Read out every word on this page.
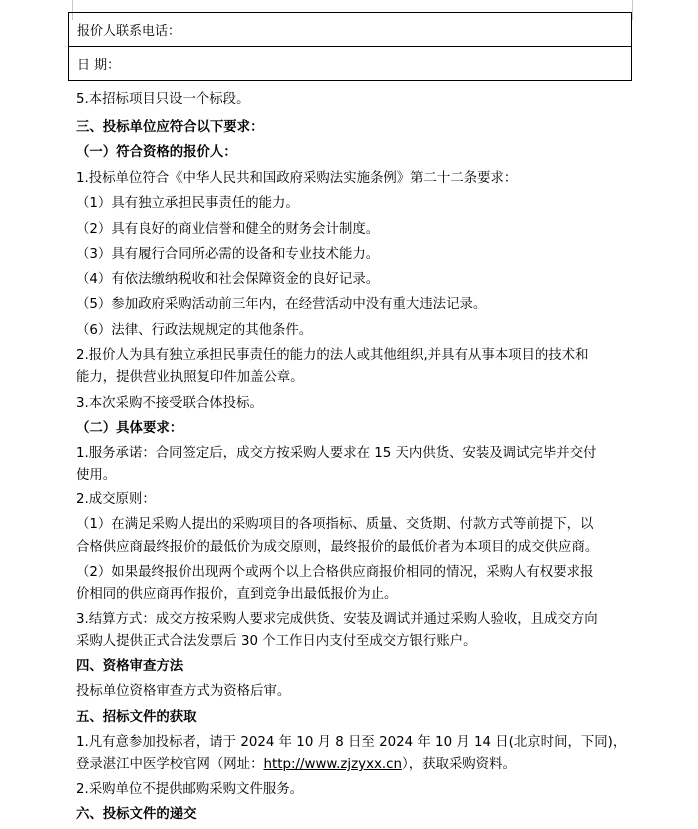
报价人联系电话：
日 期：
5.本招标项目只设一个标段。
三、投标单位应符合以下要求：
（一）符合资格的报价人：
1.投标单位符合《中华人民共和国政府采购法实施条例》第二十二条要求：
（1）具有独立承担民事责任的能力。
（2）具有良好的商业信誉和健全的财务会计制度。
（3）具有履行合同所必需的设备和专业技术能力。
（4）有依法缴纳税收和社会保障资金的良好记录。
（5）参加政府采购活动前三年内，在经营活动中没有重大违法记录。
（6）法律、行政法规规定的其他条件。
2.报价人为具有独立承担民事责任的能力的法人或其他组织,并具有从事本项目的技术和
能力，提供营业执照复印件加盖公章。
3.本次采购不接受联合体投标。
（二）具体要求：
1.服务承诺：合同签定后，成交方按采购人要求在 15 天内供货、安装及调试完毕并交付
使用。
2.成交原则：
（1）在满足采购人提出的采购项目的各项指标、质量、交货期、付款方式等前提下，以
合格供应商最终报价的最低价为成交原则，最终报价的最低价者为本项目的成交供应商。
（2）如果最终报价出现两个或两个以上合格供应商报价相同的情况，采购人有权要求报
价相同的供应商再作报价，直到竞争出最低报价为止。
3.结算方式：成交方按采购人要求完成供货、安装及调试并通过采购人验收，且成交方向
采购人提供正式合法发票后 30 个工作日内支付至成交方银行账户。
四、资格审查方法
投标单位资格审查方式为资格后审。
五、招标文件的获取
1.凡有意参加投标者，请于 2024 年 10 月 8 日至 2024 年 10 月 14 日(北京时间，下同)，
登录湛江中医学校官网（网址：http://www.zjzyxx.cn），获取采购资料。
2.采购单位不提供邮购采购文件服务。
六、投标文件的递交
